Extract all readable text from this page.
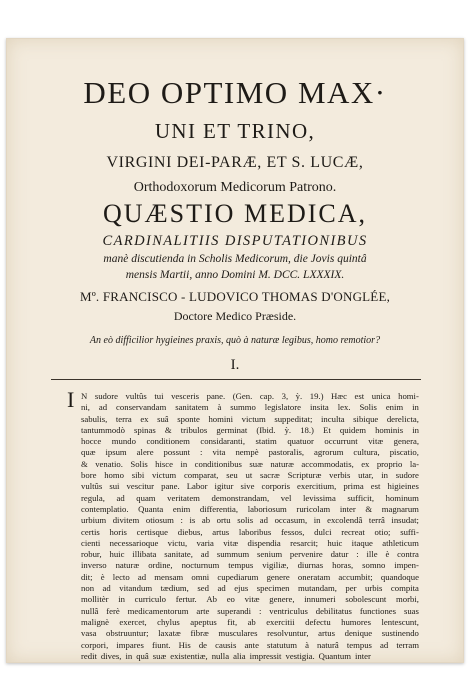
DEO OPTIMO MAX·
UNI ET TRINO,
VIRGINI DEI-PARÆ, ET S. LUCÆ,
Orthodoxorum Medicorum Patrono.
QUÆSTIO MEDICA,
CARDINALITIIS DISPUTATIONIBUS
manè discutienda in Scholis Medicorum, die Jovis quintâ
mensis Martii, anno Domini M. DCC. LXXXIX.
Mº. FRANCISCO - LUDOVICO THOMAS D'ONGLÉE,
Doctore Medico Præside.
An eò difficilior hygieines praxis, quò à naturæ legibus, homo remotior?
I.
I N sudore vultûs tui vesceris pane. (Gen. cap. 3, ỳ. 19.) Hæc est unica homi-
ni, ad conservandam sanitatem à summo legislatore insita lex. Solis enim in
sabulis, terra ex suâ sponte homini victum suppeditat; inculta sibique derelicta,
tantummodò spinas & tribulos germinat (Ibid. ỳ. 18.) Et quidem hominis in
hocce mundo conditionem considaranti, statim quatuor occurrunt vitæ genera,
quæ ipsum alere possunt : vita nempè pastoralis, agrorum cultura, piscatio,
& venatio. Solis hisce in conditionibus suæ naturæ accommodatis, ex proprio la-
bore homo sibi victum comparat, seu ut sacræ Scripturæ verbis utar, in sudore
vultûs sui vescitur pane. Labor igitur sive corporis exercitium, prima est higieines
regula, ad quam veritatem demonstrandam, vel levissima sufficit, hominum
contemplatio. Quanta enim differentia, laboriosum ruricolam inter & magnarum
urbium divitem otiosum : is ab ortu solis ad occasum, in excolendâ terrâ insudat;
certis horis certisque diebus, artus laboribus fessos, dulci recreat otio; suffi-
cienti necessarioque victu, varia vitæ dispendia resarcit; huic itaque athleticum
robur, huic illibata sanitate, ad summum senium pervenire datur : ille è contra
inverso naturæ ordine, nocturnum tempus vigiliæ, diurnas horas, somno impen-
dit; è lecto ad mensam omni cupediarum genere oneratam accumbit; quandoque
non ad vitandum tædium, sed ad ejus specimen mutandam, per urbis compita
mollitèr in curriculo fertur. Ab eo vitæ genere, innumeri sobolescunt morbi,
nullâ ferè medicamentorum arte superandi : ventriculus debilitatus functiones suas
malignè exercet, chylus apeptus fit, ab exercitii defectu humores lentescunt,
vasa obstruuntur; laxatæ fibræ musculares resolvuntur, artus denique sustinendo
corpori, impares fiunt. His de causis ante statutum à naturâ tempus ad terram
redit dives, in quâ suæ existentiæ, nulla alia impressit vestigia. Quantum inter
